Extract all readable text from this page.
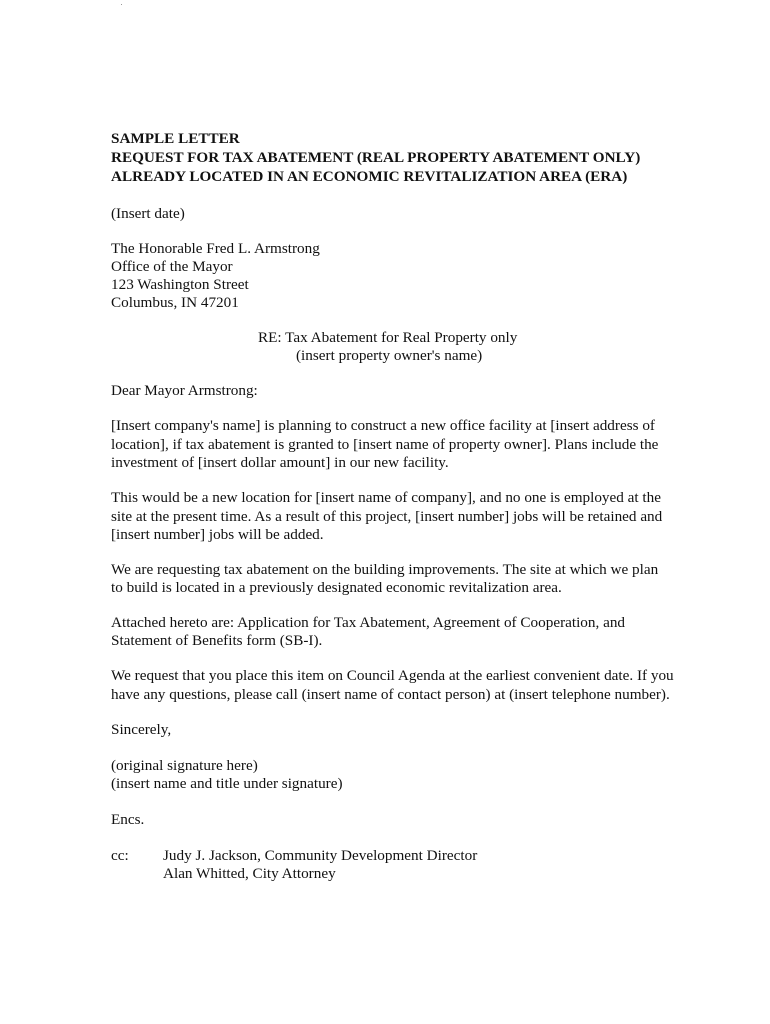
SAMPLE LETTER
REQUEST FOR TAX ABATEMENT (REAL PROPERTY ABATEMENT ONLY)
ALREADY LOCATED IN AN ECONOMIC REVITALIZATION AREA (ERA)
(Insert date)
The Honorable Fred L. Armstrong
Office of the Mayor
123 Washington Street
Columbus, IN 47201
RE: Tax Abatement for Real Property only
(insert property owner's name)
Dear Mayor Armstrong:
[Insert company's name] is planning to construct a new office facility at [insert address of
location], if tax abatement is granted to [insert name of property owner]. Plans include the
investment of [insert dollar amount] in our new facility.
This would be a new location for [insert name of company], and no one is employed at the
site at the present time. As a result of this project, [insert number] jobs will be retained and
[insert number] jobs will be added.
We are requesting tax abatement on the building improvements. The site at which we plan
to build is located in a previously designated economic revitalization area.
Attached hereto are: Application for Tax Abatement, Agreement of Cooperation, and
Statement of Benefits form (SB-I).
We request that you place this item on Council Agenda at the earliest convenient date. If you
have any questions, please call (insert name of contact person) at (insert telephone number).
Sincerely,
(original signature here)
(insert name and title under signature)
Encs.
cc: Judy J. Jackson, Community Development Director
Alan Whitted, City Attorney
